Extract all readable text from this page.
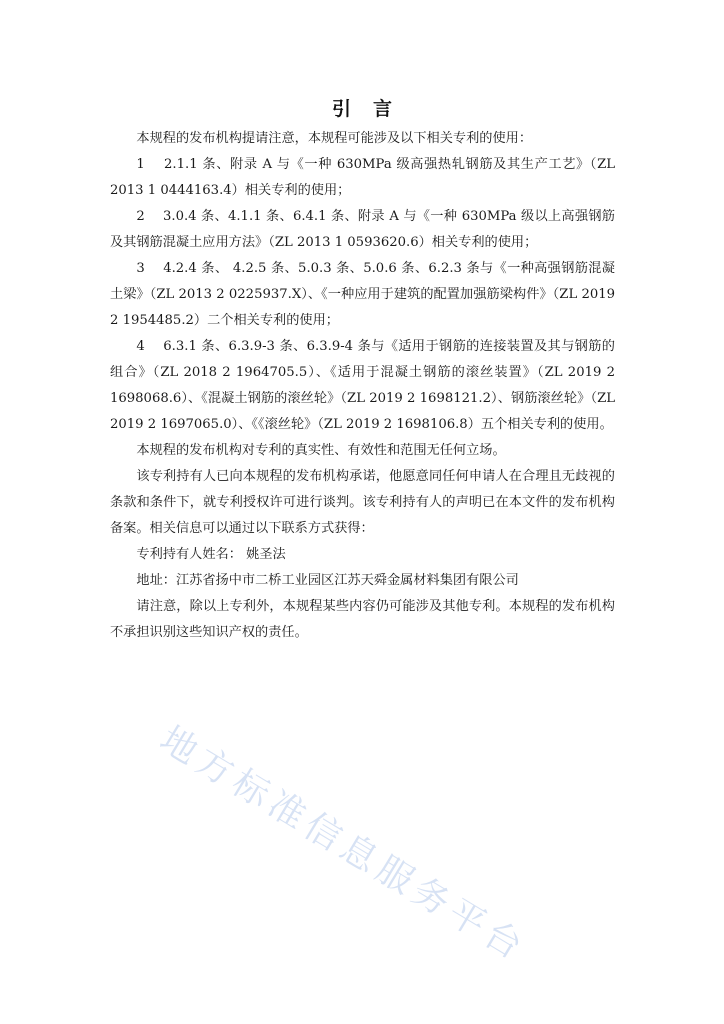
引言

本规程的发布机构提请注意，本规程可能涉及以下相关专利的使用：

1　 2.1.1 条、附录 A 与《一种 630MPa 级高强热轧钢筋及其生产工艺》（ZL 2013 1 0444163.4）相关专利的使用；

2　 3.0.4 条、4.1.1 条、6.4.1 条、附录 A 与《一种 630MPa 级以上高强钢筋及其钢筋混凝土应用方法》（ZL 2013 1 0593620.6）相关专利的使用；

3　 4.2.4 条、 4.2.5 条、5.0.3 条、5.0.6 条、6.2.3 条与《一种高强钢筋混凝土梁》（ZL 2013 2 0225937.X）、《一种应用于建筑的配置加强筋梁构件》（ZL 2019 2 1954485.2）二个相关专利的使用；

4　 6.3.1 条、6.3.9-3 条、6.3.9-4 条与《适用于钢筋的连接装置及其与钢筋的组合》（ZL 2018 2 1964705.5）、《适用于混凝土钢筋的滚丝装置》（ZL 2019 2 1698068.6）、《混凝土钢筋的滚丝轮》（ZL 2019 2 1698121.2）、钢筋滚丝轮》（ZL 2019 2 1697065.0）、《《滚丝轮》（ZL 2019 2 1698106.8）五个相关专利的使用。

本规程的发布机构对专利的真实性、有效性和范围无任何立场。

该专利持有人已向本规程的发布机构承诺，他愿意同任何申请人在合理且无歧视的条款和条件下，就专利授权许可进行谈判。该专利持有人的声明已在本文件的发布机构备案。相关信息可以通过以下联系方式获得：

专利持有人姓名： 姚圣法

地址：江苏省扬中市二桥工业园区江苏天舜金属材料集团有限公司

请注意，除以上专利外，本规程某些内容仍可能涉及其他专利。本规程的发布机构不承担识别这些知识产权的责任。

地方标准信息服务平台
